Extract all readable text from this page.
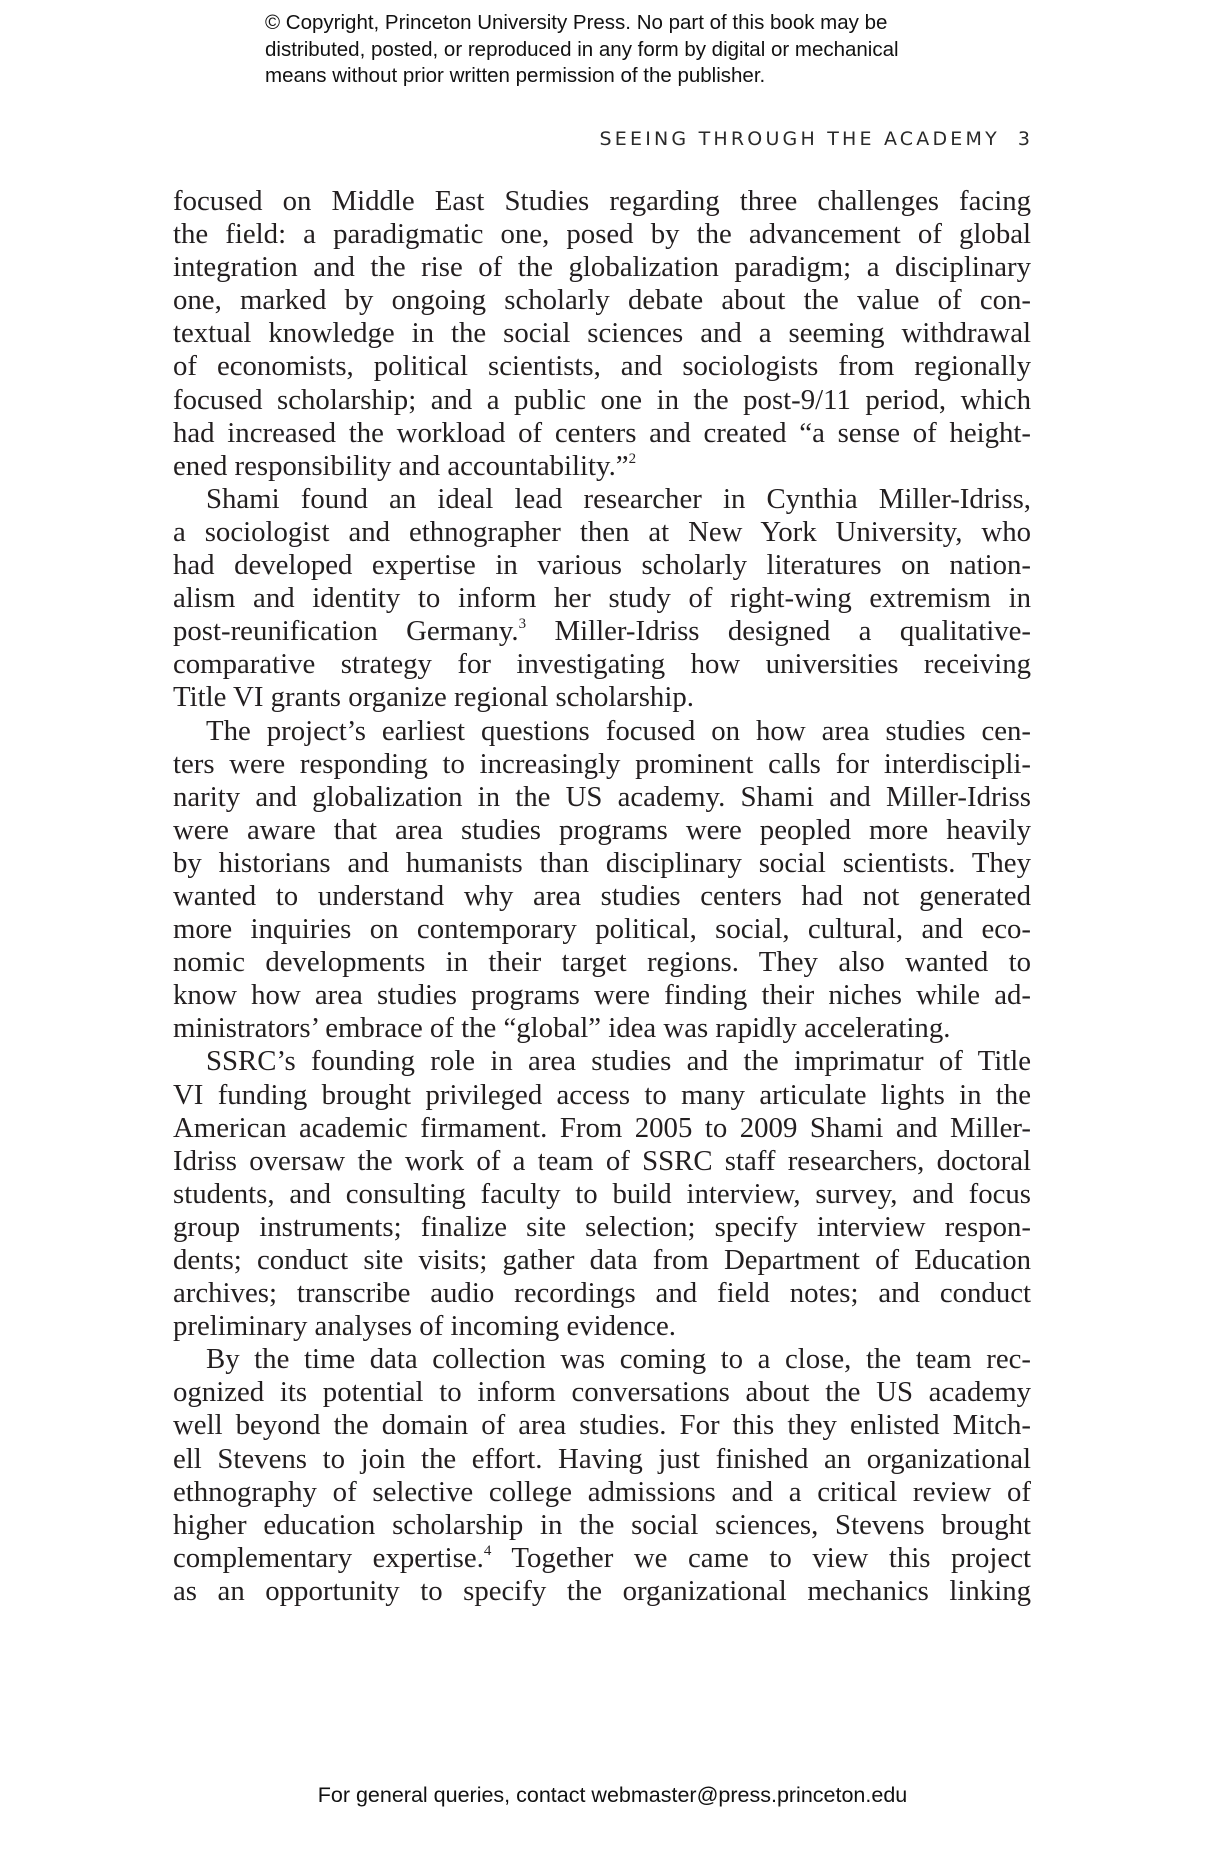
© Copyright, Princeton University Press. No part of this book may be
distributed, posted, or reproduced in any form by digital or mechanical
means without prior written permission of the publisher.
SEEING THROUGH THE ACADEMY 3
focused on Middle East Studies regarding three challenges facing
the field: a paradigmatic one, posed by the advancement of global
integration and the rise of the globalization paradigm; a disciplinary
one, marked by ongoing scholarly debate about the value of con-
textual knowledge in the social sciences and a seeming withdrawal
of economists, political scientists, and sociologists from regionally
focused scholarship; and a public one in the post-9/11 period, which
had increased the workload of centers and created “a sense of height-
ened responsibility and accountability.”$^2$
Shami found an ideal lead researcher in Cynthia Miller-Idriss,
a sociologist and ethnographer then at New York University, who
had developed expertise in various scholarly literatures on nation-
alism and identity to inform her study of right-wing extremism in
post-reunification Germany.$^3$ Miller-Idriss designed a qualitative-
comparative strategy for investigating how universities receiving
Title VI grants organize regional scholarship.
The project’s earliest questions focused on how area studies cen-
ters were responding to increasingly prominent calls for interdiscipli-
narity and globalization in the US academy. Shami and Miller-Idriss
were aware that area studies programs were peopled more heavily
by historians and humanists than disciplinary social scientists. They
wanted to understand why area studies centers had not generated
more inquiries on contemporary political, social, cultural, and eco-
nomic developments in their target regions. They also wanted to
know how area studies programs were finding their niches while ad-
ministrators’ embrace of the “global” idea was rapidly accelerating.
SSRC’s founding role in area studies and the imprimatur of Title
VI funding brought privileged access to many articulate lights in the
American academic firmament. From 2005 to 2009 Shami and Miller-
Idriss oversaw the work of a team of SSRC staff researchers, doctoral
students, and consulting faculty to build interview, survey, and focus
group instruments; finalize site selection; specify interview respon-
dents; conduct site visits; gather data from Department of Education
archives; transcribe audio recordings and field notes; and conduct
preliminary analyses of incoming evidence.
By the time data collection was coming to a close, the team rec-
ognized its potential to inform conversations about the US academy
well beyond the domain of area studies. For this they enlisted Mitch-
ell Stevens to join the effort. Having just finished an organizational
ethnography of selective college admissions and a critical review of
higher education scholarship in the social sciences, Stevens brought
complementary expertise.$^4$ Together we came to view this project
as an opportunity to specify the organizational mechanics linking
For general queries, contact webmaster@press.princeton.edu
